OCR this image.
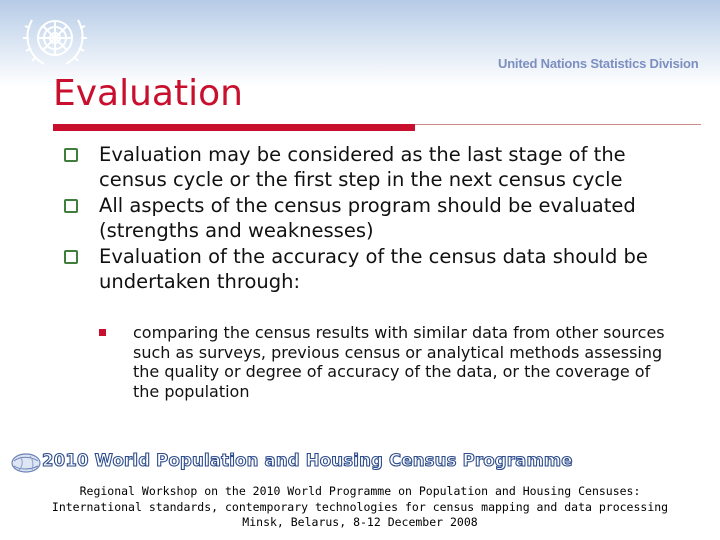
United Nations Statistics Division
Evaluation

Evaluation may be considered as the last stage of the census cycle or the first step in the next census cycle

All aspects of the census program should be evaluated (strengths and weaknesses)

Evaluation of the accuracy of the census data should be undertaken through:

comparing the census results with similar data from other sources such as surveys, previous census or analytical methods assessing the quality or degree of accuracy of the data, or the coverage of the population

2010 World Population and Housing Census Programme
Regional Workshop on the 2010 World Programme on Population and Housing Censuses:
International standards, contemporary technologies for census mapping and data processing
Minsk, Belarus, 8-12 December 2008
